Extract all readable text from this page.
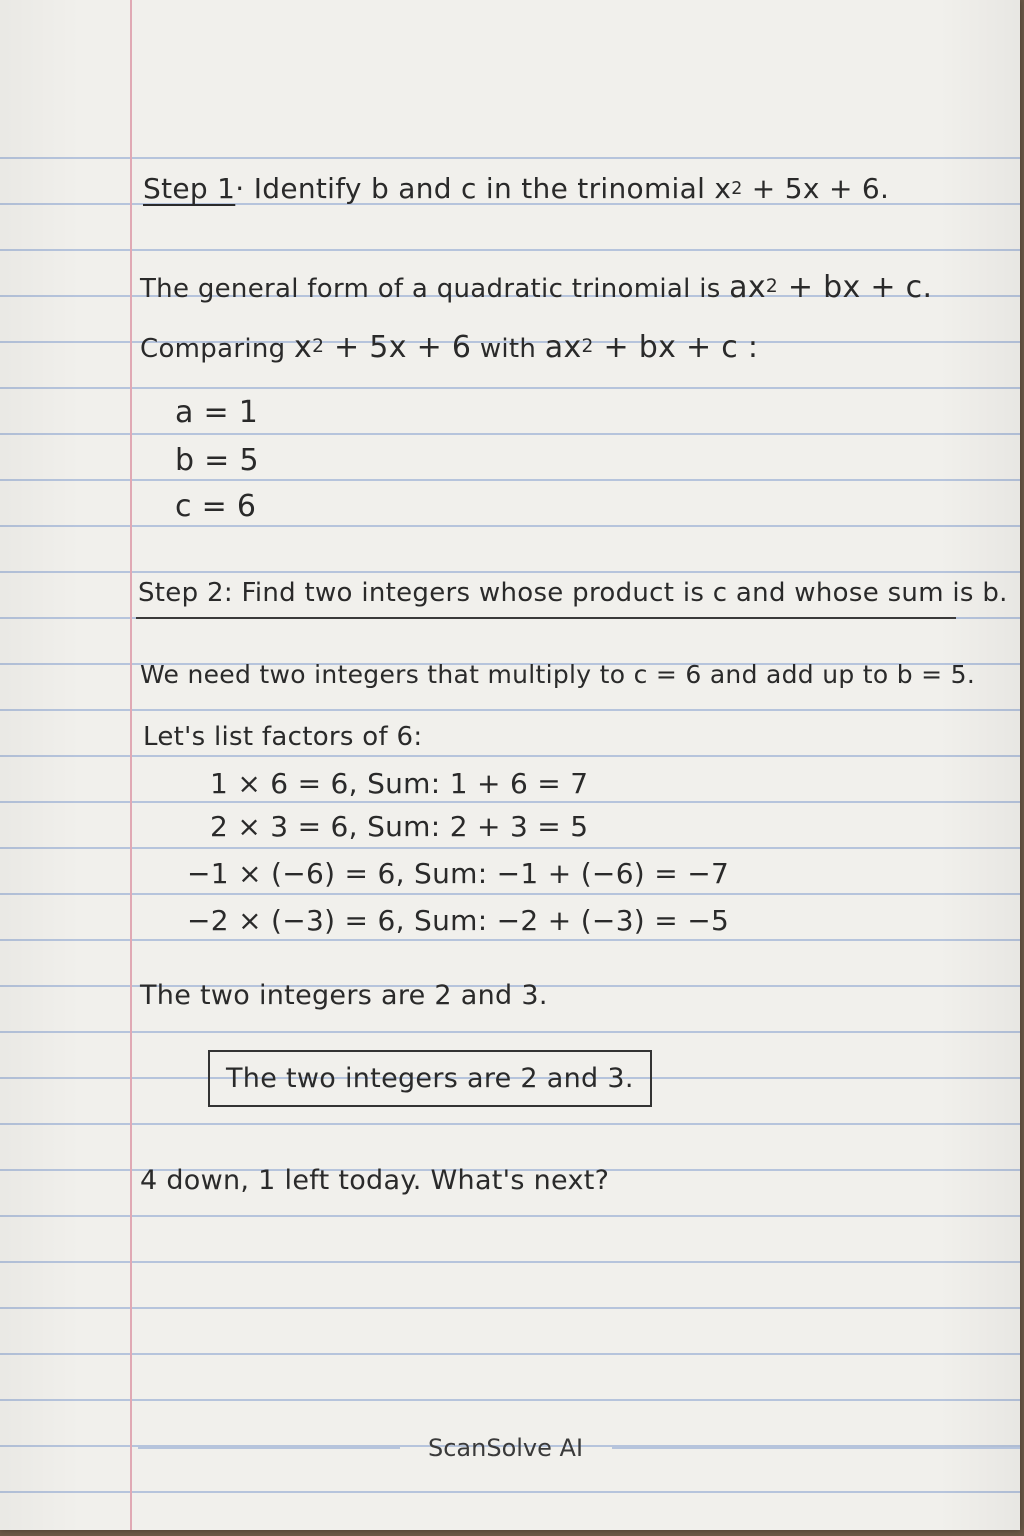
Step 1· Identify b and c in the trinomial $x^2 + 5x + 6$.
The general form of a quadratic trinomial is $ax^2$ + bx + c.
Comparing $x^2 + 5x + 6$ with $ax^2$ + bx + c :
a = 1
b = 5
c = 6
Step 2: Find two integers whose product is c and whose sum is b.
We need two integers that multiply to c = 6 and add up to b = 5.
Let's list factors of 6:
1 × 6 = 6, Sum: 1 + 6 = 7
2 × 3 = 6, Sum: 2 + 3 = 5
−1 × (−6) = 6, Sum: −1 + (−6) = −7
−2 × (−3) = 6, Sum: −2 + (−3) = −5
The two integers are 2 and 3.
The two integers are 2 and 3.
4 down, 1 left today. What's next?
ScanSolve AI
